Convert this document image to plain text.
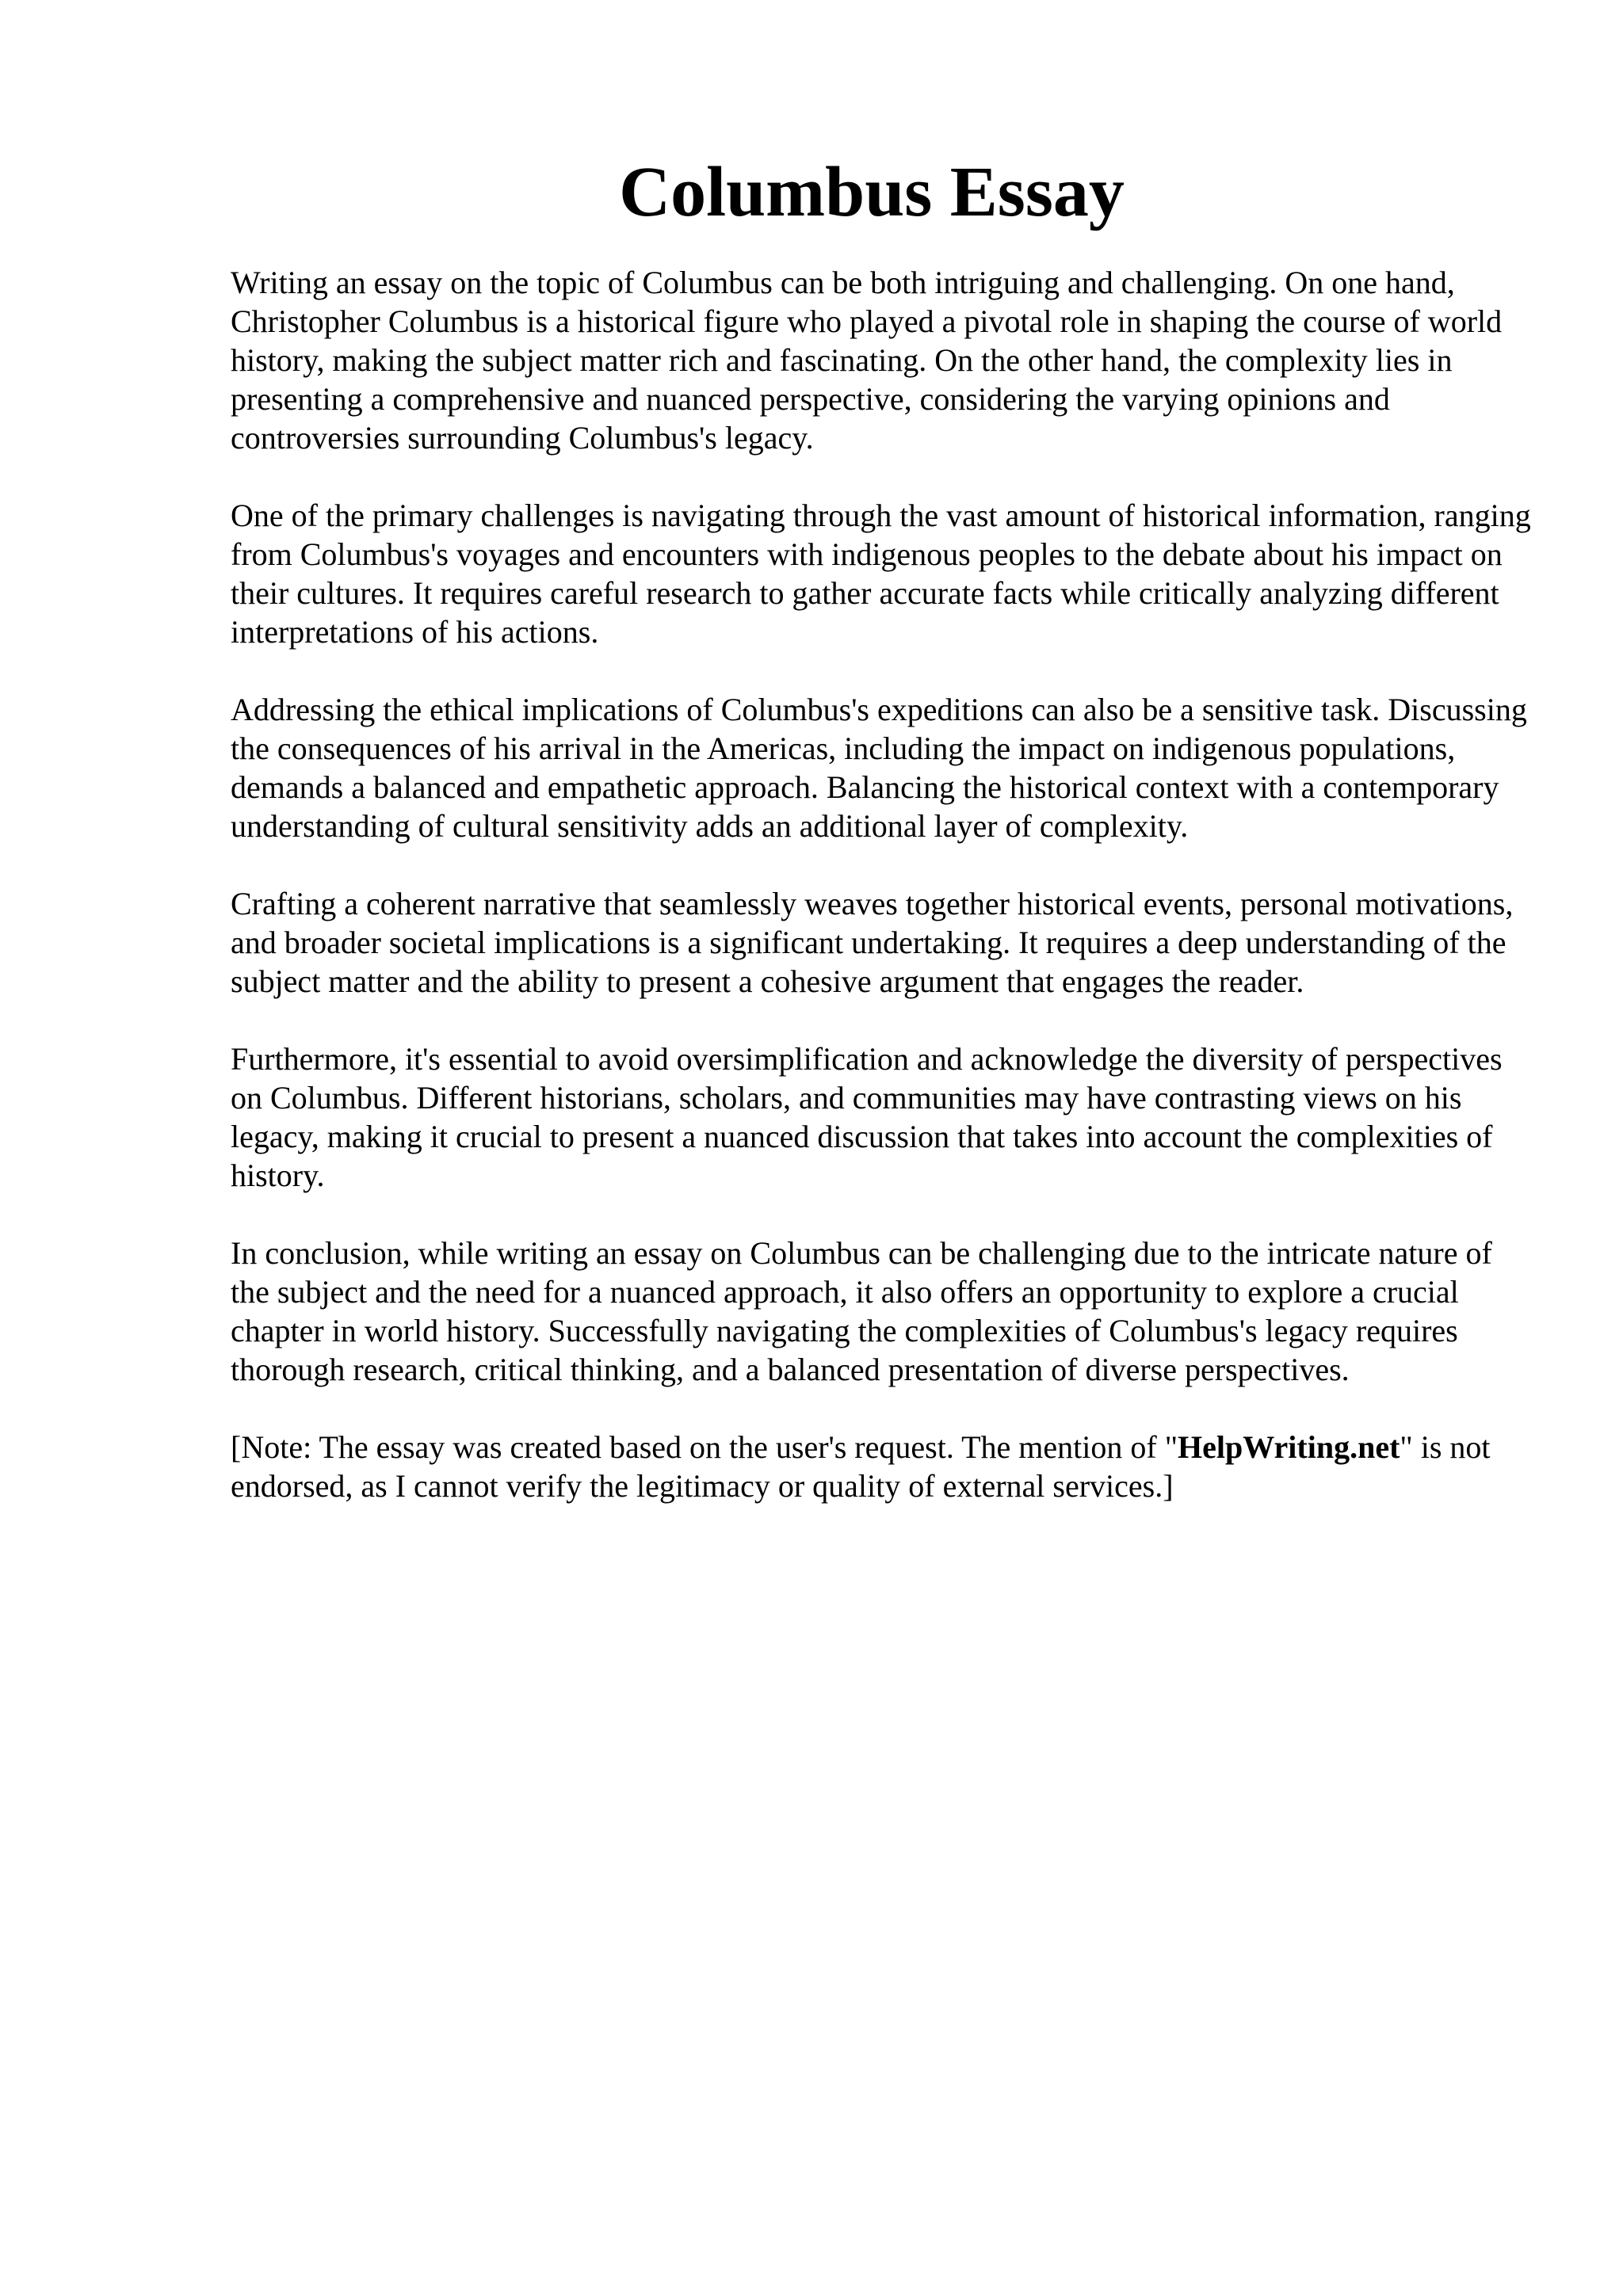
Columbus Essay

Writing an essay on the topic of Columbus can be both intriguing and challenging. On one hand, Christopher Columbus is a historical figure who played a pivotal role in shaping the course of world history, making the subject matter rich and fascinating. On the other hand, the complexity lies in presenting a comprehensive and nuanced perspective, considering the varying opinions and controversies surrounding Columbus's legacy.

One of the primary challenges is navigating through the vast amount of historical information, ranging from Columbus's voyages and encounters with indigenous peoples to the debate about his impact on their cultures. It requires careful research to gather accurate facts while critically analyzing different interpretations of his actions.

Addressing the ethical implications of Columbus's expeditions can also be a sensitive task. Discussing the consequences of his arrival in the Americas, including the impact on indigenous populations, demands a balanced and empathetic approach. Balancing the historical context with a contemporary understanding of cultural sensitivity adds an additional layer of complexity.

Crafting a coherent narrative that seamlessly weaves together historical events, personal motivations, and broader societal implications is a significant undertaking. It requires a deep understanding of the subject matter and the ability to present a cohesive argument that engages the reader.

Furthermore, it's essential to avoid oversimplification and acknowledge the diversity of perspectives on Columbus. Different historians, scholars, and communities may have contrasting views on his legacy, making it crucial to present a nuanced discussion that takes into account the complexities of history.

In conclusion, while writing an essay on Columbus can be challenging due to the intricate nature of the subject and the need for a nuanced approach, it also offers an opportunity to explore a crucial chapter in world history. Successfully navigating the complexities of Columbus's legacy requires thorough research, critical thinking, and a balanced presentation of diverse perspectives.

[Note: The essay was created based on the user's request. The mention of "HelpWriting.net" is not endorsed, as I cannot verify the legitimacy or quality of external services.]
